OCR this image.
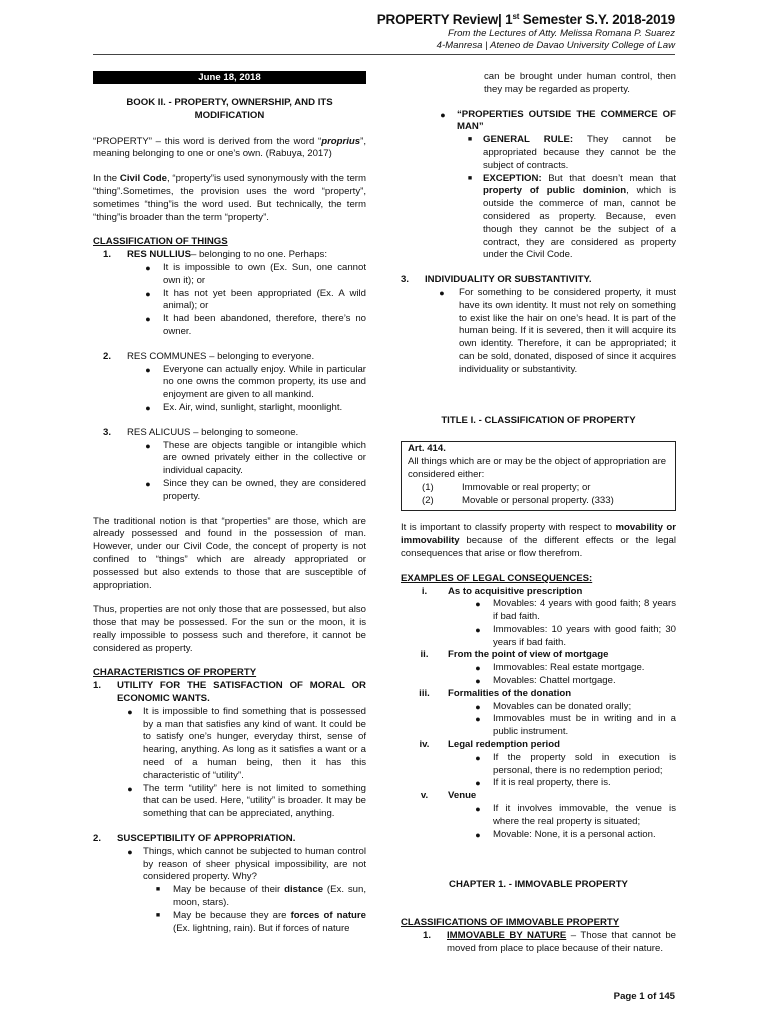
PROPERTY Review| 1st Semester S.Y. 2018-2019
From the Lectures of Atty. Melissa Romana P. Suarez
4-Manresa | Ateneo de Davao University College of Law
June 18, 2018
BOOK II. - PROPERTY, OWNERSHIP, AND ITS
MODIFICATION

“PROPERTY” – this word is derived from the word “proprius”, meaning belonging to one or one’s own. (Rabuya, 2017)

In the Civil Code, “property”is used synonymously with the term “thing”.Sometimes, the provision uses the word “property”, sometimes “thing”is the word used. But technically, the term “thing”is broader than the term “property”.

CLASSIFICATION OF THINGS
1.	RES NULLIUS– belonging to no one. Perhaps:
●	It is impossible to own (Ex. Sun, one cannot own it); or
●	It has not yet been appropriated (Ex. A wild animal); or
●	It had been abandoned, therefore, there’s no owner.
2.	RES COMMUNES – belonging to everyone.
●	Everyone can actually enjoy. While in particular no one owns the common property, its use and enjoyment are given to all mankind.
●	Ex. Air, wind, sunlight, starlight, moonlight.
3.	RES ALICUUS – belonging to someone.
●	These are objects tangible or intangible which are owned privately either in the collective or individual capacity.
●	Since they can be owned, they are considered property.

The traditional notion is that “properties” are those, which are already possessed and found in the possession of man. However, under our Civil Code, the concept of property is not confined to “things” which are already appropriated or possessed but also extends to those that are susceptible of appropriation.

Thus, properties are not only those that are possessed, but also those that may be possessed. For the sun or the moon, it is really impossible to possess such and therefore, it cannot be considered as property.

CHARACTERISTICS OF PROPERTY
1.	UTILITY FOR THE SATISFACTION OF MORAL OR ECONOMIC WANTS.
●	It is impossible to find something that is possessed by a man that satisfies any kind of want. It could be to satisfy one’s hunger, everyday thirst, sense of hearing, anything. As long as it satisfies a want or a need of a human being, then it has this characteristic of “utility”.
●	The term “utility” here is not limited to something that can be used. Here, “utility” is broader. It may be something that can be appreciated, anything.
2.	SUSCEPTIBILITY OF APPROPRIATION.
●	Things, which cannot be subjected to human control by reason of sheer physical impossibility, are not considered property. Why?
■	May be because of their distance (Ex. sun, moon, stars).
■	May be because they are forces of nature (Ex. lightning, rain). But if forces of nature

can be brought under human control, then they may be regarded as property.

●	“PROPERTIES OUTSIDE THE COMMERCE OF MAN”
■	GENERAL RULE: They cannot be appropriated because they cannot be the subject of contracts.
■	EXCEPTION: But that doesn’t mean that property of public dominion, which is outside the commerce of man, cannot be considered as property. Because, even though they cannot be the subject of a contract, they are considered as property under the Civil Code.
3.	INDIVIDUALITY OR SUBSTANTIVITY.
●	For something to be considered property, it must have its own identity. It must not rely on something to exist like the hair on one’s head. It is part of the human being. If it is severed, then it will acquire its own identity. Therefore, it can be appropriated; it can be sold, donated, disposed of since it acquires individuality or substantivity.
TITLE I. - CLASSIFICATION OF PROPERTY
Art. 414.
All things which are or may be the object of appropriation are considered either:
(1)	Immovable or real property; or
(2)	Movable or personal property. (333)

It is important to classify property with respect to movability or immovability because of the different effects or the legal consequences that arise or flow therefrom.

EXAMPLES OF LEGAL CONSEQUENCES:
i.	As to acquisitive prescription
●	Movables: 4 years with good faith; 8 years if bad faith.
●	Immovables: 10 years with good faith; 30 years if bad faith.
ii.	From the point of view of mortgage
●	Immovables: Real estate mortgage.
●	Movables: Chattel mortgage.
iii.	Formalities of the donation
●	Movables can be donated orally;
●	Immovables must be in writing and in a public instrument.
iv.	Legal redemption period
●	If the property sold in execution is personal, there is no redemption period;
●	If it is real property, there is.
v.	Venue
●	If it involves immovable, the venue is where the real property is situated;
●	Movable: None, it is a personal action.
CHAPTER 1. - IMMOVABLE PROPERTY
CLASSIFICATIONS OF IMMOVABLE PROPERTY
1.	IMMOVABLE BY NATURE – Those that cannot be moved from place to place because of their nature.
Page 1 of 145
